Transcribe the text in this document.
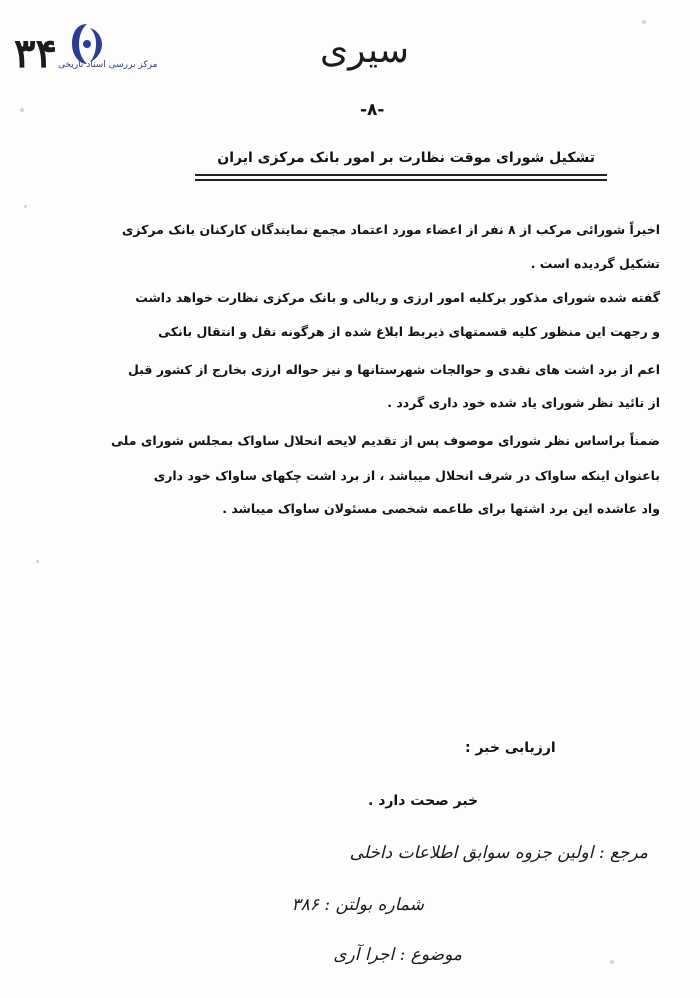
۳۴ مرکز بررسی اسناد تاریخی	سیری
-۸-
تشکیل شورای موقت نظارت بر امور بانک مرکزی ایران
اخیراً شورائی مرکب از ۸ نفر از اعضاء مورد اعتماد مجمع نمایندگان کارکنان بانک مرکزی
تشکیل گردیده است .
گفته شده شورای مذکور برکلیه امور ارزی و ریالی و بانک مرکزی نظارت خواهد داشت
و رجهت این منظور کلیه قسمتهای ذیربط ابلاغ شده از هرگونه نقل و انتقال بانکی
اعم از برد اشت های نقدی و حوالجات شهرستانها و نیز حواله ارزی بخارج از کشور قبل
از تائید نظر شورای یاد شده خود داری گردد .
ضمناً براساس نظر شورای موصوف پس از تقدیم لایحه انحلال ساواک بمجلس شورای ملی
باعنوان اینکه ساواک در شرف انحلال میباشد ، از برد اشت چکهای ساواک خود داری
واد عاشده این برد اشتها برای طاعمه شخصی مسئولان ساواک میباشد .
ارزیابی خبر :
خبر صحت دارد .
مرجع : اولین جزوه سوابق اطلاعات داخلی
شماره بولتن : ۳۸۶
موضوع : اجرا آری
